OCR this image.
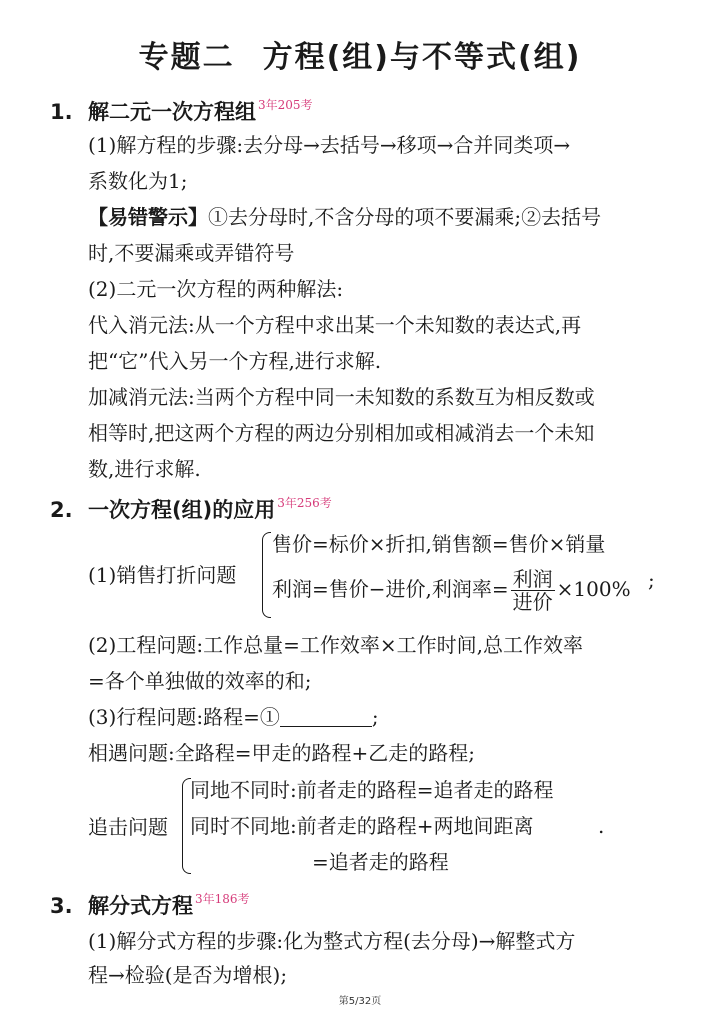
专题二 方程(组)与不等式(组)
1. 解二元一次方程组 $^{3年205考}$
(1)解方程的步骤:去分母→去括号→移项→合并同类项→
系数化为1;
【易错警示】①去分母时,不含分母的项不要漏乘;②去括号
时,不要漏乘或弄错符号
(2)二元一次方程的两种解法:
代入消元法:从一个方程中求出某一个未知数的表达式,再
把“它”代入另一个方程,进行求解.
加减消元法:当两个方程中同一未知数的系数互为相反数或
相等时,把这两个方程的两边分别相加或相减消去一个未知
数,进行求解.
2. 一次方程(组)的应用 $^{3年256考}$
(1)销售打折问题
售价=标价×折扣,销售额=售价×销量
利润=售价−进价,利润率= $\frac{\text{利润}}{\text{进价}} \times 100\%$ ;
(2)工程问题:工作总量=工作效率×工作时间,总工作效率
=各个单独做的效率的和;
(3)行程问题:路程=①	;
相遇问题:全路程=甲走的路程+乙走的路程;
追击问题
同地不同时:前者走的路程=追者走的路程
同时不同地:前者走的路程+两地间距离	.
=追者走的路程
3. 解分式方程 $^{3年186考}$
(1)解分式方程的步骤:化为整式方程(去分母)→解整式方
程→检验(是否为增根);
第5/32页
